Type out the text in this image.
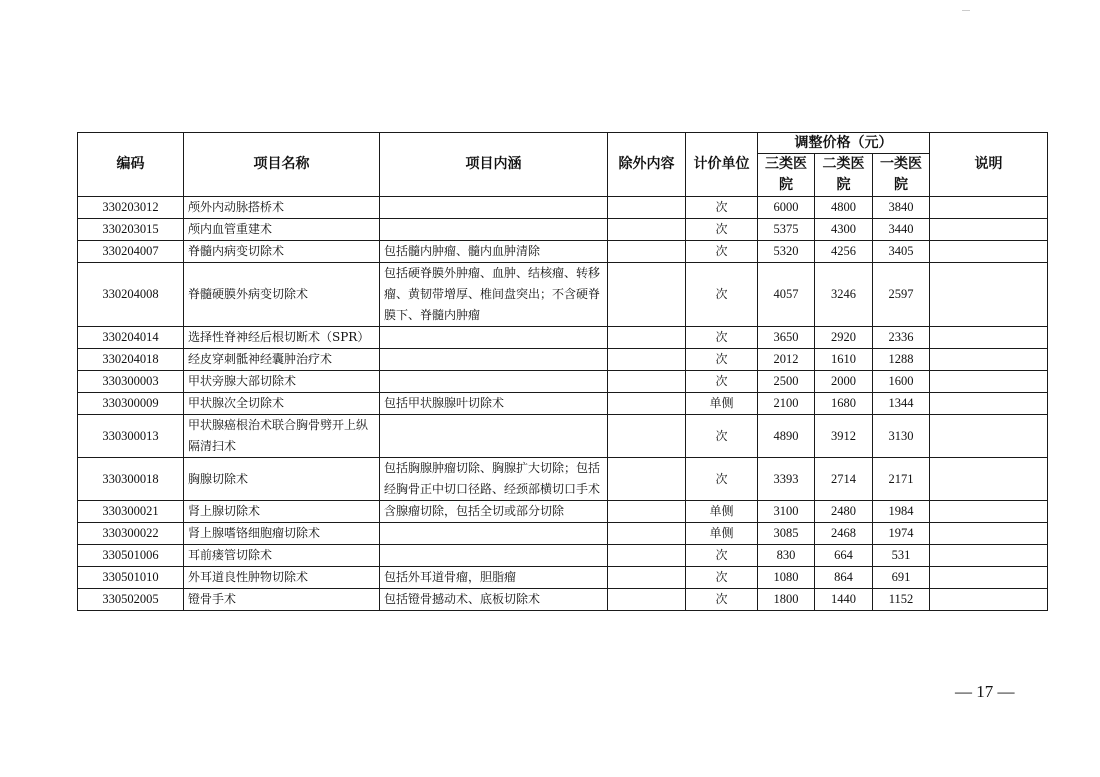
编码	项目名称	项目内涵	除外内容	计价单位	调整价格（元）			说明
					三类医院	二类医院	一类医院	

330203012	颅外内动脉搭桥术			次	6000	4800	3840	
330203015	颅内血管重建术			次	5375	4300	3440	
330204007	脊髓内病变切除术	包括髓内肿瘤、髓内血肿清除		次	5320	4256	3405	
330204008	脊髓硬膜外病变切除术	包括硬脊膜外肿瘤、血肿、结核瘤、转移瘤、黄韧带增厚、椎间盘突出；不含硬脊膜下、脊髓内肿瘤		次	4057	3246	2597	
330204014	选择性脊神经后根切断术（SPR）			次	3650	2920	2336	
330204018	经皮穿刺骶神经囊肿治疗术			次	2012	1610	1288	
330300003	甲状旁腺大部切除术			次	2500	2000	1600	
330300009	甲状腺次全切除术	包括甲状腺腺叶切除术		单侧	2100	1680	1344	
330300013	甲状腺癌根治术联合胸骨劈开上纵隔清扫术			次	4890	3912	3130	
330300018	胸腺切除术	包括胸腺肿瘤切除、胸腺扩大切除；包括经胸骨正中切口径路、经颈部横切口手术		次	3393	2714	2171	
330300021	肾上腺切除术	含腺瘤切除，包括全切或部分切除		单侧	3100	2480	1984	
330300022	肾上腺嗜铬细胞瘤切除术			单侧	3085	2468	1974	
330501006	耳前瘘管切除术			次	830	664	531	
330501010	外耳道良性肿物切除术	包括外耳道骨瘤，胆脂瘤		次	1080	864	691	
330502005	镫骨手术	包括镫骨撼动术、底板切除术		次	1800	1440	1152	
— 17 —
